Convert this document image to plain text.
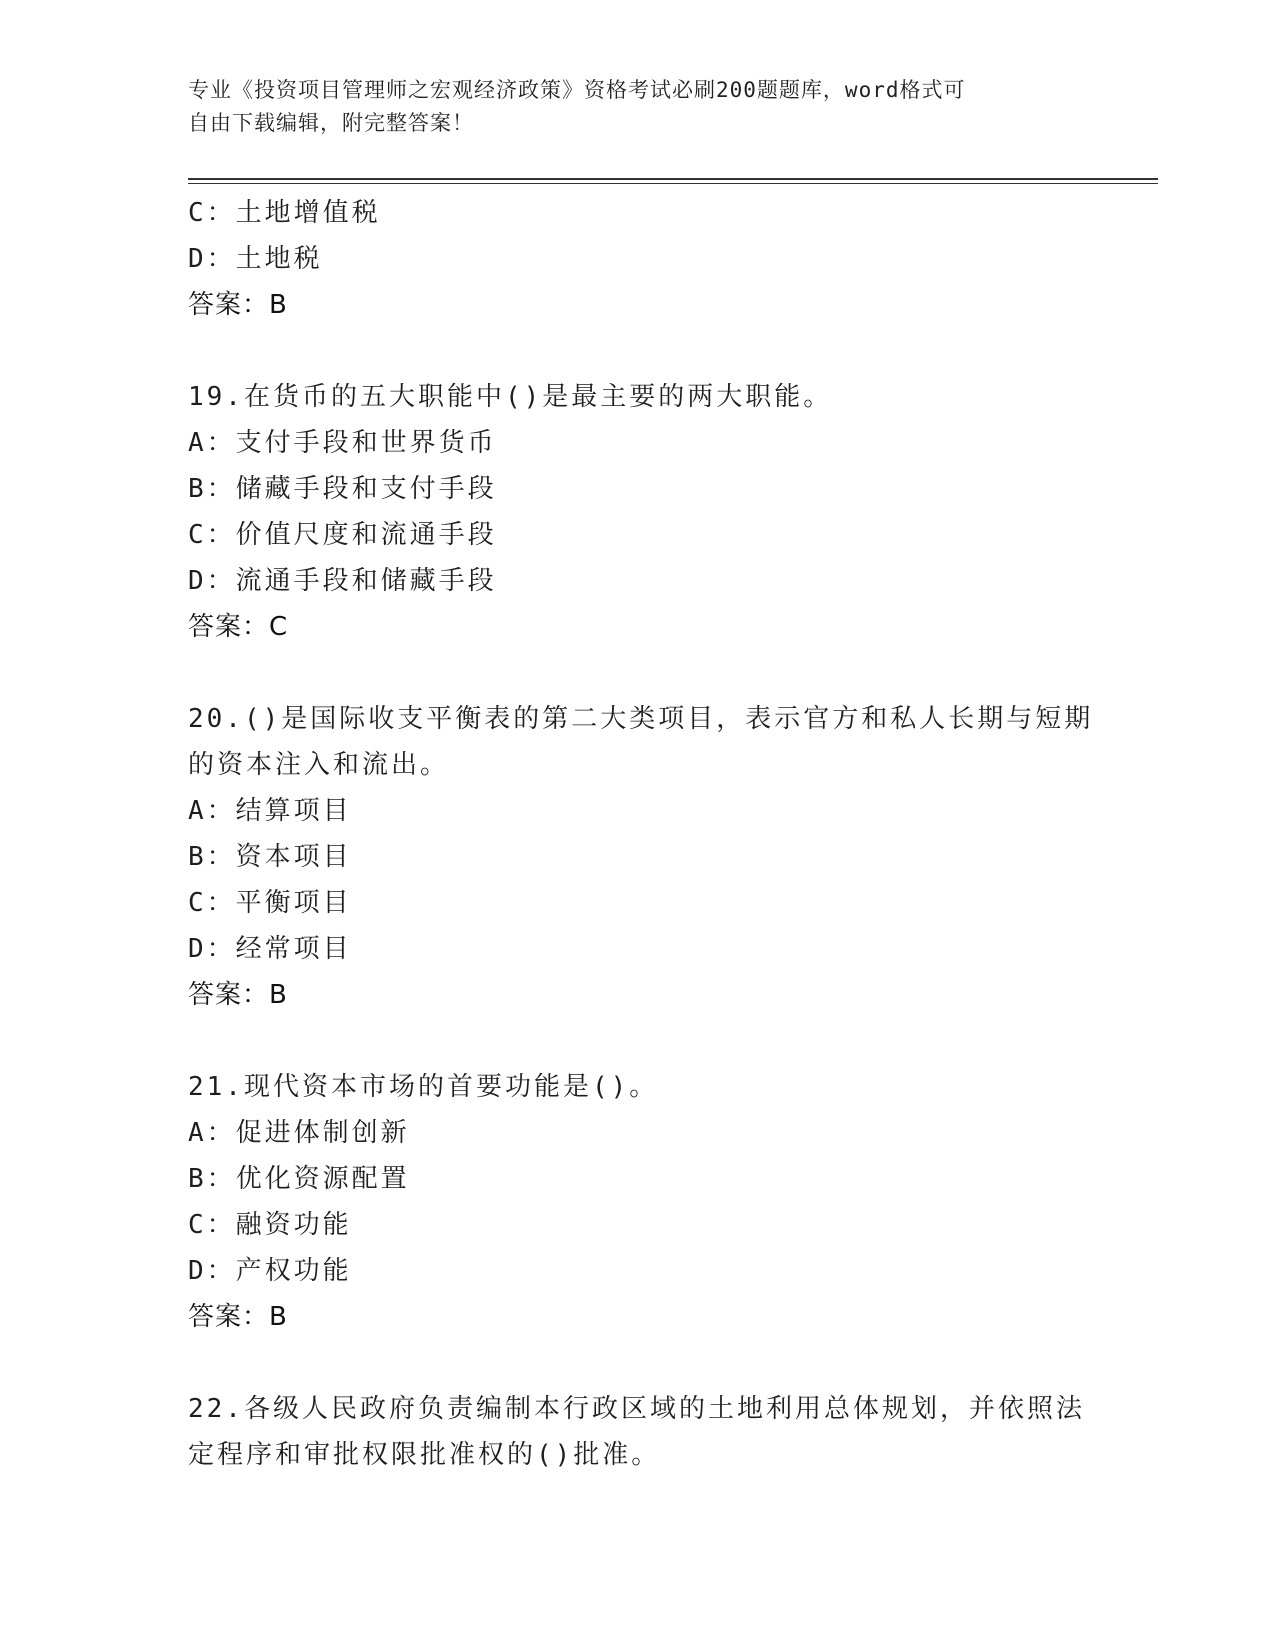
专业《投资项目管理师之宏观经济政策》资格考试必刷200题题库，word格式可
自由下载编辑，附完整答案！
C：土地增值税
D：土地税
答案：B
19.在货币的五大职能中()是最主要的两大职能。
A：支付手段和世界货币
B：储藏手段和支付手段
C：价值尺度和流通手段
D：流通手段和储藏手段
答案：C
20.()是国际收支平衡表的第二大类项目，表示官方和私人长期与短期
的资本注入和流出。
A：结算项目
B：资本项目
C：平衡项目
D：经常项目
答案：B
21.现代资本市场的首要功能是()。
A：促进体制创新
B：优化资源配置
C：融资功能
D：产权功能
答案：B
22.各级人民政府负责编制本行政区域的土地利用总体规划，并依照法
定程序和审批权限批准权的()批准。
